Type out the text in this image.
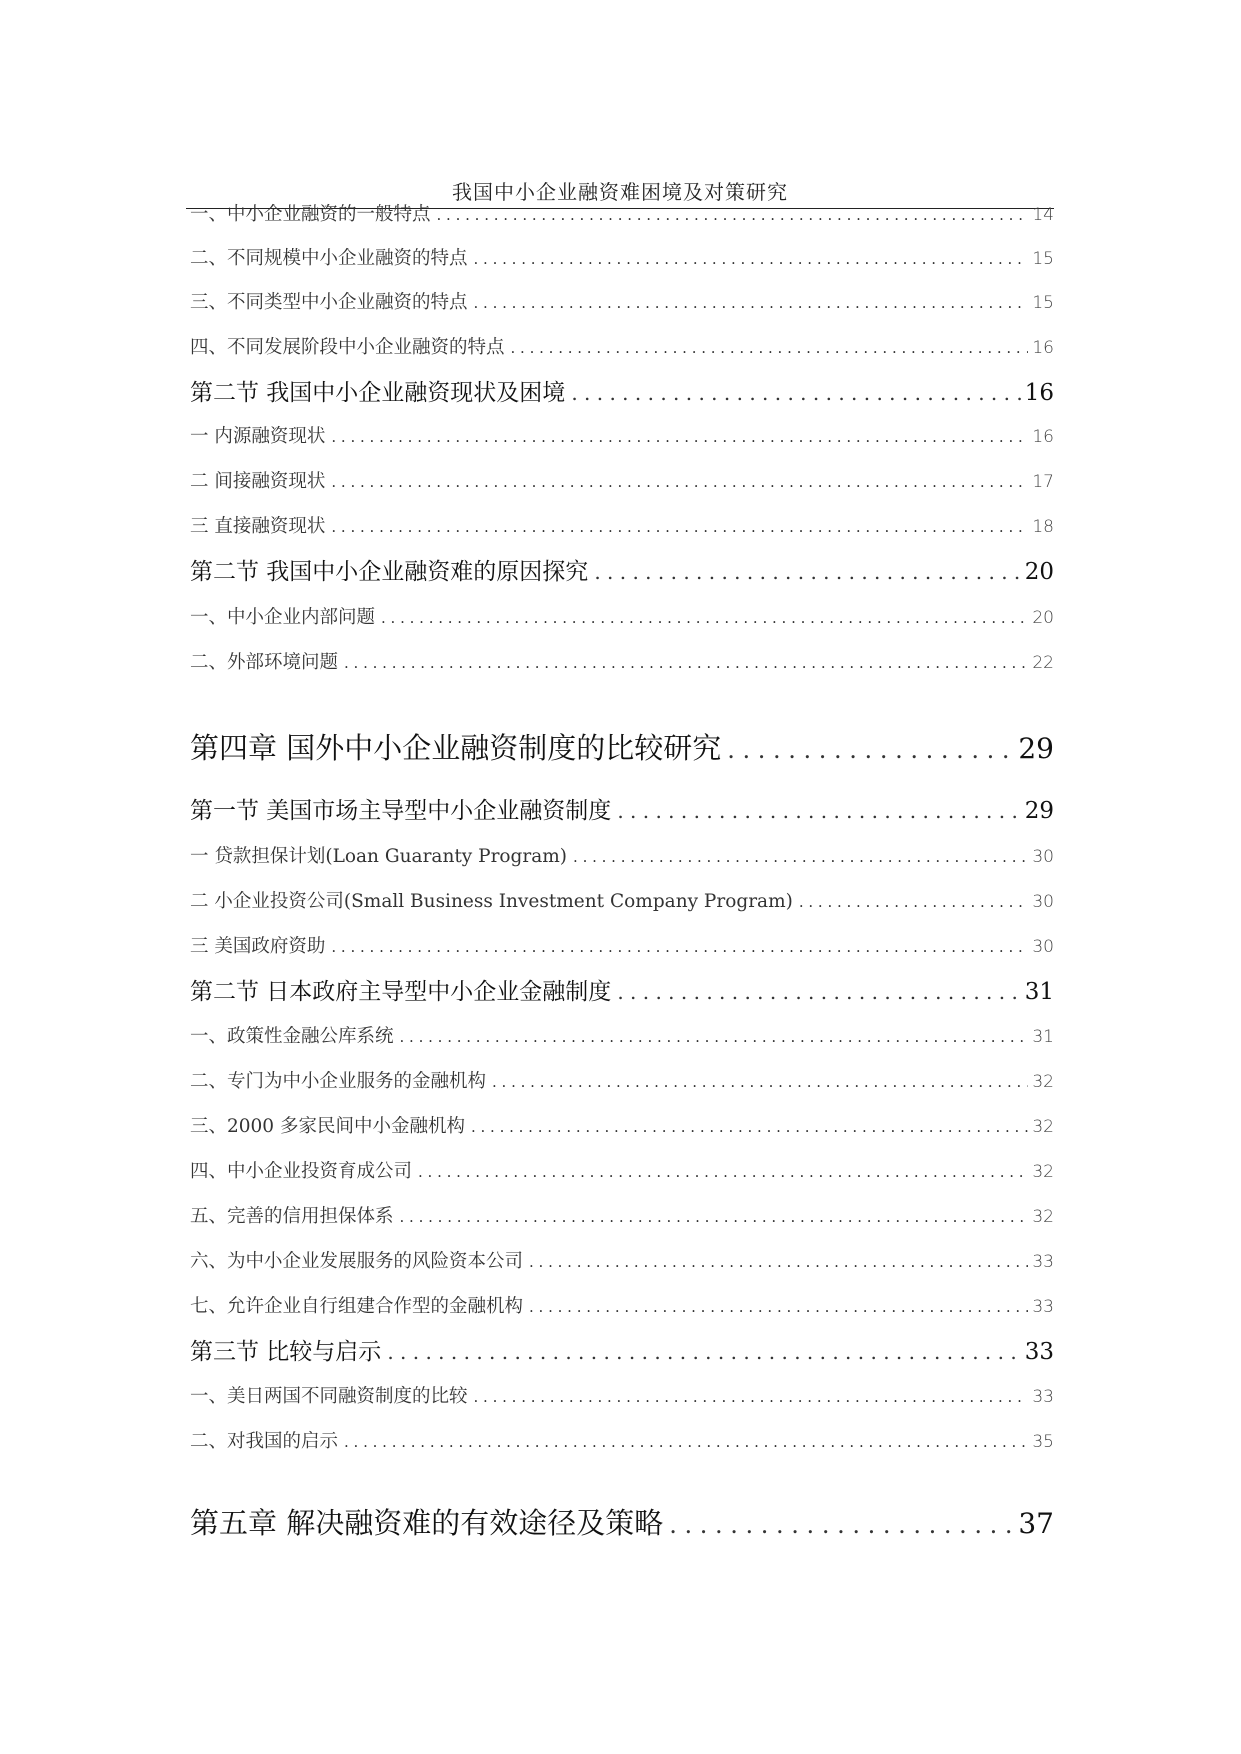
我国中小企业融资难困境及对策研究
一、中小企业融资的一般特点 . . .	14
二、不同规模中小企业融资的特点 . . .	15
三、不同类型中小企业融资的特点 . . .	15
四、不同发展阶段中小企业融资的特点 . . .	16
第二节 我国中小企业融资现状及困境 . . .	16
一 内源融资现状 . . .	16
二 间接融资现状 . . .	17
三 直接融资现状 . . .	18
第二节 我国中小企业融资难的原因探究 . . .	20
一、中小企业内部问题 . . .	20
二、外部环境问题 . . .	22
第四章 国外中小企业融资制度的比较研究 . . .	29
第一节 美国市场主导型中小企业融资制度 . . .	29
一 贷款担保计划(Loan Guaranty Program) . . .	30
二 小企业投资公司(Small Business Investment Company Program) . . .	30
三 美国政府资助 . . .	30
第二节 日本政府主导型中小企业金融制度 . . .	31
一、政策性金融公库系统 . . .	31
二、专门为中小企业服务的金融机构 . . .	32
三、2000 多家民间中小金融机构 . . .	32
四、中小企业投资育成公司 . . .	32
五、完善的信用担保体系 . . .	32
六、为中小企业发展服务的风险资本公司 . . .	33
七、允许企业自行组建合作型的金融机构 . . .	33
第三节 比较与启示 . . .	33
一、美日两国不同融资制度的比较 . . .	33
二、对我国的启示 . . .	35
第五章 解决融资难的有效途径及策略 . . .	37
